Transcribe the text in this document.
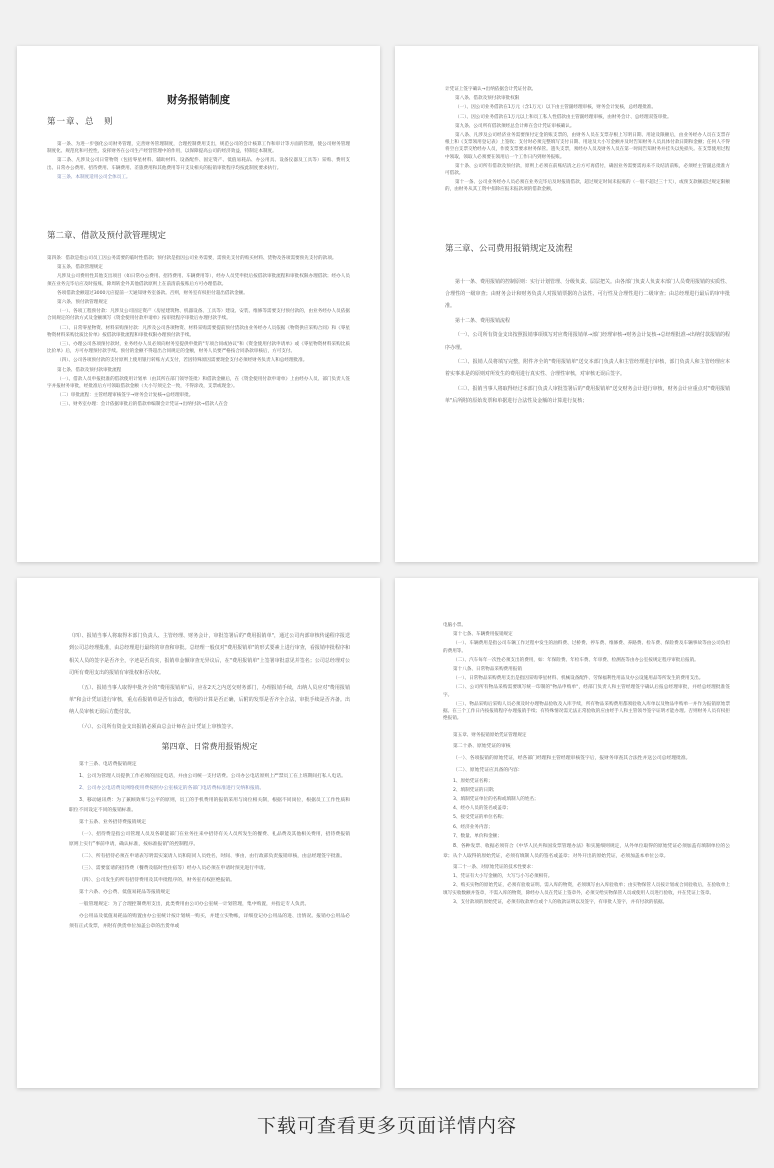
财务报销制度
第一章、总　则

第一条、为进一步强化公司财务管理，完善财务管理制度，合理控制费用支出，规范公司的会计核算工作和审计等方面的管理，使公司财务管理制度化、规范化和可控性，发挥财务在公司生产经营管理中的作用，以保障提高公司的经济效益，特制定本制度。

第二条、凡涉及公司日常物资（包括零星材料、辅助材料、设备配件、固定资产、低值易耗品、办公用具、设备仪器及工具等）采购、费用支出、日常办公费用、招待费用、车辆费用、差旅费用和其他费用等开支及相关的报销审批程序均按此制度要求执行。

第三条、本制度适用公司全体员工。

第二章、借款及预付款管理规定

第四条：借款是指公司员工因公务需要的临时性借款；预付款是指因公司业务需要，需预先支付的购买材料、货物及各项需要预先支付的款项。

第五条、借款管理规定

凡涉及公司费用性其他支出项目（如日常办公费用、招待费用、车辆费用等），经办人员凭申批后按借款审批流程和审批权限办理借款；经办人员须在业务完毕后应及时报账，除周转金外其他借款原则上在前清前报账后方可办理借款。

各项借款金额超过3000元应提前一天通知财务室备款。否则，财务室有权拒付超出借款金额。

第六条、预付款管理规定

（一）、各项工程预付款：凡涉及公司固定资产（房屋建筑物、机器设备、工具等）建设、安装、维修等需要支付预付款的，由业务经办人员依据合同规定的付款方式及金额填写《资金使用付款申请单》按审批程序审批后办理付款手续。

（二）、日常零星物资、材料采购预付款：凡涉及公司各项物资、材料采购需要提前预付货款由业务经办人员依据《物资供应采购合同》和《零星物资材料采购比质比价单》按借款审批流程和审批权限办理预付款手续。

（三）、办理公司各项预付款时，业务经办人员必须向财务室提供申批的"专项合同或协议"和《资金使用付款申请单》或《零星物资材料采购比质比价单》后，方可办理预付款手续。预付的金额不得超出合同规定的金额，财务人员要严格按合同条款审核后，方可支付。

（四）、公司各项预付款的支付原则上使用银行转账方式支付，若因特殊原因需要现金支付必须经财务负责人和总经理批准。

第七条、借款及预付款审批流程

（一）、借款人员申报批准的借款使用计划单（由其所在部门领导签批）和借款金额后，在《资金使用付款申请单》上由经办人员、部门负责人签字并报财务审批，经批准后方可领取借款金额（大小写须完全一致，不得涂改，支票或现金）。

（二）审批流程：主管经理审核签字→财务会计复核→总经理审批。

（三）、财务室办理：会计依据审批后的借款单编制会计凭证→出纳付款→借款人在会

计凭证上签字确认→出纳依据会计凭证付款。

第八条、借款及预付款审批权限

（一）、因公司业务借款在1万元（含1万元）以下由主管副经理审核，财务会计复核，总经理批准。

（二）、因公司业务借款在1万元以上和员工私人性借款由主管副经理审核，由财务会计、总经理双签审批。

第九条、公司所有借款须经总会计师在会计凭证审核确认。

第八条、凡涉及公司经济业务需要预付定金的账支票的，由财务人员在支票存根上写明日期、用途及限额后，由业务经办人员在支票存根上和《支票领用登记表》上签收；支付时必须完整填写支付日期、用途及大小写金额并及时告知财务人员具体付款日期和金额；任何人不得将空白支票交给经办人员，作废支票要求财务保管。遗失支票，须经办人员及财务人员在第一时间告知财务并挂失以免损失。在支票使用过程中领取，领取人必须要在领用后一个工作日内到财务报账。

第十条、公司所有借款及预付款，原则上必须在前账结清之后方可再借付，确因业务需要需再来不及结清前账，必须经主管副总批准方可借款。

第十一条、公司业务经办人员必须在业务完毕后及时报销借款，超过规定时间未报账的（一般不超过三十天），或预支款额超过规定限额的，由财务从其工资中扣除应报未报款项的借款金额。

第三章、公司费用报销规定及流程

第十一条、费用报销的控制原则：实行计划管理、分级负责、层层把关。由各部门负责人负责本部门人员费用报销的实质性、合理性的一级审查；由财务会计和财务负责人对报销票据的合法性、可行性及合理性进行二级审查；由总经理进行最后的审申批准。

第十二条、费用报销流程

（一）、公司所有资金支出按照报销事项填写对应费用报销单→部门经理审核→财务会计复核→总经理批准→出纳付款报销的程序办理。

（二）、报销人员将填写完整，附件齐全的"费用报销单"送交本部门负责人和主管经理进行审核，部门负责人和主管经理应本着实事求是的原则对所发生的费用进行真实性、合理性审核，对审核无误后签字。

（三）、报销当事人将取得经过本部门负责人审批签署后的"费用报销单"送交财务会计进行审核，财务会计应重点对"费用报销单"后所附的原始发票和单据进行合法性及金额的计算进行复核；

（四）、报销当事人将取得本部门负责人、主管经理、财务会计，审批签署后的"费用报销单"，通过公司内部审核传递程序报送到公司总经理批准，由总经理进行最终的审查和审批。总经理一般仅对"费用报销单"的形式要素上进行审查，看报销申批程序和相关人员的签字是否齐全，字迹是否真实，报销单金额审查无异议后，在"费用报销单"上签署审批意见并签名；公司总经理对公司所有费用支出的报销有审批权和否决权。

（五）、报销当事人取得申批齐全的"费用报销单"后，应在2天之内送交财务部门，办理报销手续，出纳人员应对"费用报销单"和会计凭证进行审核，重点看报销单是否有涂改，费用的计算是否正确，后附的发票是否齐全合法，审批手续是否齐备。出纳人员审核无误后方能付款。

（六）、公司所有资金支出报销必须由总会计师在会计凭证上审核签字。

第四章、日常费用报销规定

第十三条、电话费报销规定

1、公司为管理人员提供工作必须的固定电话，并由公司统一支付话费。公司办公电话原则上严禁员工在上班期间打私人电话。

2、公司办公电话费及网络使用费按照办公室核定的各部门电话费标准进行交纳和报销。

3、移动通讯费：为了兼顾效率与公平的原则，员工的手机费用的报销采用与岗位相关制，根据不同岗位，根据员工工作性质和职位不同设定不同的报销标准。

第十五条、业务招待费报销规定

（一）、招待费是指公司管理人员及各职能部门在业务往来中招待有关人员所发生的餐费、礼品费及其他相关费用，招待费报销原则上实行"事前申请，确认标准，按标准报销"的控制程序。

（二）、所有招待必须在申请表写明需实案请人员和陪同人员姓名，时间、事由，由行政部负责报销审核，由总经理签字批准。

（三）、需要宴请的招待费（餐费及临时性住宿等）经办人员必须在申请时预先进行申请。

（四）、公司发生的所有招待费用及其申批程序的，财务室有权拒绝报销。

第十六条、办公费、低值易耗品等报销规定

一般管理规定：为了合理控制费用支出，此类费用由公司办公室统一计划管理，集中购置，并指定专人负责。

办公用品及低值易耗品的购置由办公室统计按计划统一购买，并建立实物帐，详细登记办公用品的进、出情况。报销办公用品必须有正式发票，并附有供货单位加盖公章的出货单或

电脑小票。

第十七条、车辆费用报销规定

（一）、车辆费用是指公司车辆工作过程中发生的油料费、过桥费、停车费、维修费、养路费、检车费、保险费及车辆事故等由公司负担的费用等。

（二）、汽车每年一次性必须支出的费用，如：年保险费、年检车费、年审费、检测查等由办公室按规定程序审批后报销。

第十八条、日常物品采购费用报销

（一）、日常物品采购费用支出是指因采购零星材料、机械设备配件、劳保福利性用品及办公设施用品等所发生的费用支出。

（二）、公司所有物品采购需要填写统一印制的"物品申购单"，经部门负责人和主管经理签字确认后报总经理审批，并经总经理批准签字。

（三）、物品采购后采购人员必须及时办理物品验收及入库手续，所有物品采购费用都须验收入库单以及物品申购单一并作为报销原始票据。在三个工作日内按报销程序办理报销手续；有特殊情况需无法正常验收的应由经手人和主管领导签字证明才能办理。否则财务人员有权拒绝报销。

第五章、财务报销原始凭证管理规定

第二十条、原始凭证的审核

（一）、各项报销的原始凭证，经各部门经理和主管经理审核签字后，报财务审查其合法性并送公司总经理批准。

（二）、原始凭证应具备的内容：

1、原始凭证名称；

2、填制凭证的日期；

3、填制凭证单位的名称或填制人的姓名；

4、经办人员的签名或盖章；

5、接受凭证的单位名称；

6、经济业务内容；

7、数量、单价和金额；

8、各种发票、收据必须符合《中华人民共和国发票管理办法》和实施细则规定，从外单位取得的原始凭证必须加盖有填制单位的公章；从个人取得的原始凭证，必须有填制人员的签名或盖章；对外开出的原始凭证，必须加盖本单位公章。

第二十一条、对原始凭证的技术性要求：

1、凭证有大小写金额的，大写与小写必须相符。

2、购买实物的原始凭证，必须有验收证明。需入库的物资，必须填写由入库验收单；由实物保管人员按计划或合同验收后，在验收单上填写实收数额并签章，不需入库的物资，除经办人员在凭证上签章外，必须交给实物保管人员或使用人员进行验收，并在凭证上签章。

3、支付款项的原始凭证，必须有收款单位或个人的收款证明以及签字，有审批人签字，并有付款的依据。

下载可查看更多页面详情内容
